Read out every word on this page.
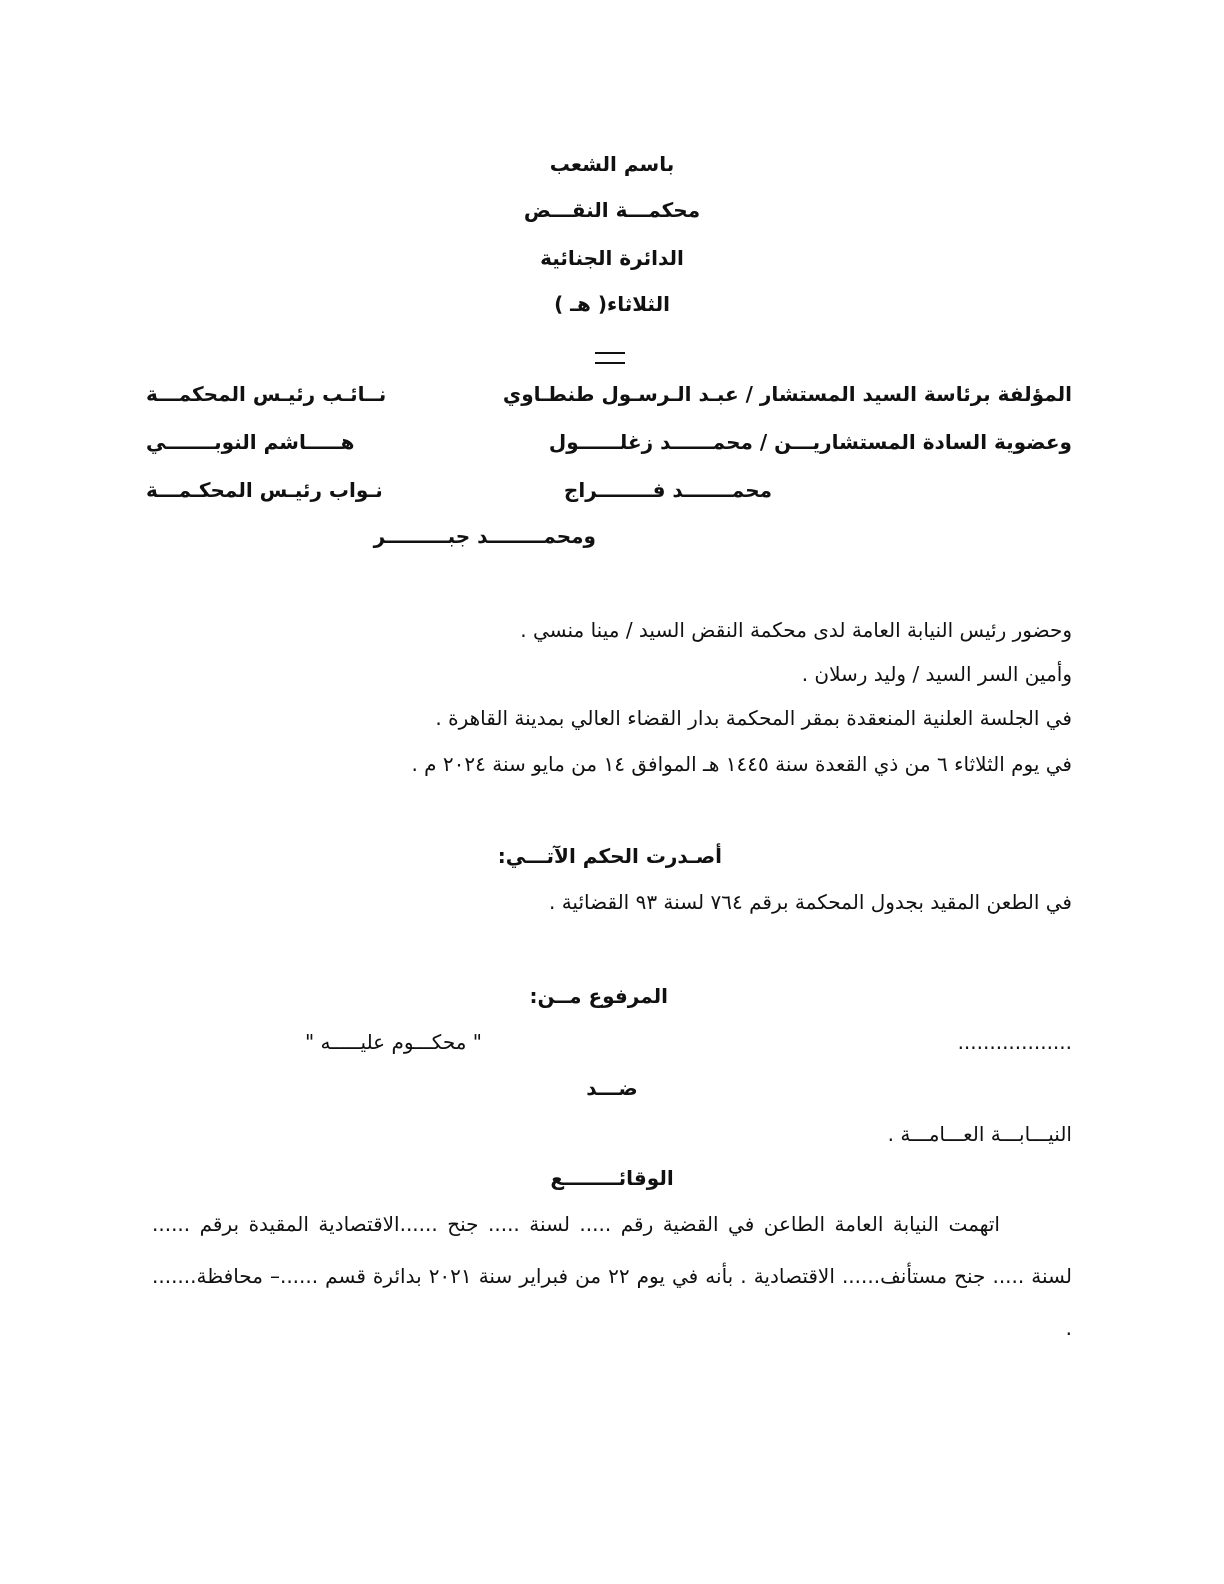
باسم الشعب
محكمـــة النقـــض
الدائرة الجنائية
الثلاثاء( هـ )
المؤلفة برئاسة السيد المستشار / عبـد الـرسـول طنطـاوي
نــائـب رئيـس المحكمـــة
وعضوية السادة المستشاريـــن / محمــــــد زغلــــــول
هـــــاشم النوبـــــــي
محمـــــــد فــــــــراج
نـواب رئيـس المحكـمـــة
ومحمــــــــد جبـــــــــر
وحضور رئيس النيابة العامة لدى محكمة النقض السيد / مينا منسي .
وأمين السر السيد / وليد رسلان .
في الجلسة العلنية المنعقدة بمقر المحكمة بدار القضاء العالي بمدينة القاهرة .
في يوم الثلاثاء ٦ من ذي القعدة سنة ١٤٤٥ هـ الموافق ١٤ من مايو سنة ٢٠٢٤ م .
أصـدرت الحكم الآتـــي:
في الطعن المقيد بجدول المحكمة برقم ٧٦٤ لسنة ٩٣ القضائية .
المرفوع مــن:
..................
" محكـــوم عليـــــه "
ضـــد
النيـــابـــة العـــامـــة .
الوقائــــــــع
اتهمت النيابة العامة الطاعن في القضية رقم ..... لسنة ..... جنح ......الاقتصادية المقيدة برقم ...... لسنة ..... جنح مستأنف...... الاقتصادية . بأنه في يوم ٢٢ من فبراير سنة ٢٠٢١ بدائرة قسم ......– محافظة....... .
